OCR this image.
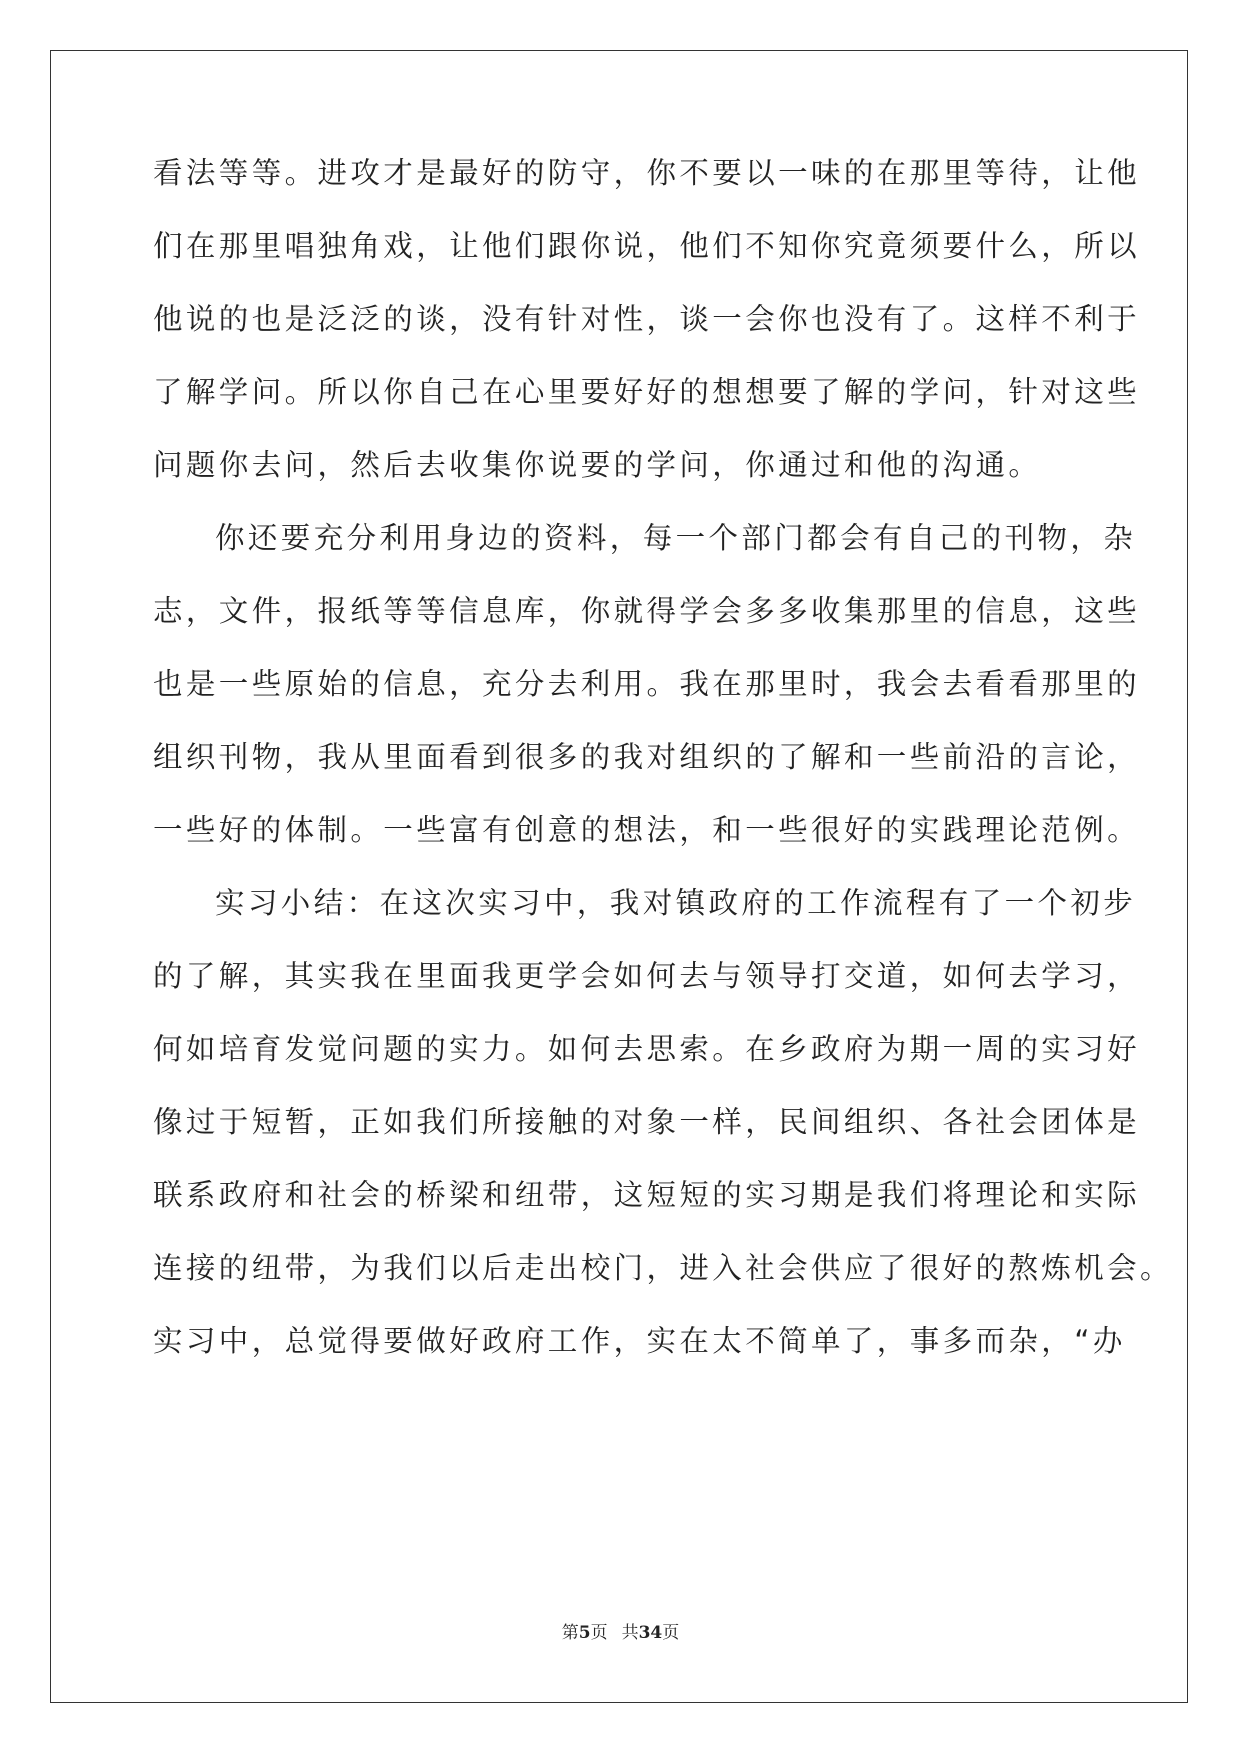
看法等等。进攻才是最好的防守，你不要以一味的在那里等待，让他
们在那里唱独角戏，让他们跟你说，他们不知你究竟须要什么，所以
他说的也是泛泛的谈，没有针对性，谈一会你也没有了。这样不利于
了解学问。所以你自己在心里要好好的想想要了解的学问，针对这些
问题你去问，然后去收集你说要的学问，你通过和他的沟通。
你还要充分利用身边的资料，每一个部门都会有自己的刊物，杂
志，文件，报纸等等信息库，你就得学会多多收集那里的信息，这些
也是一些原始的信息，充分去利用。我在那里时，我会去看看那里的
组织刊物，我从里面看到很多的我对组织的了解和一些前沿的言论，
一些好的体制。一些富有创意的想法，和一些很好的实践理论范例。
实习小结：在这次实习中，我对镇政府的工作流程有了一个初步
的了解，其实我在里面我更学会如何去与领导打交道，如何去学习，
何如培育发觉问题的实力。如何去思索。在乡政府为期一周的实习好
像过于短暂，正如我们所接触的对象一样，民间组织、各社会团体是
联系政府和社会的桥梁和纽带，这短短的实习期是我们将理论和实际
连接的纽带，为我们以后走出校门，进入社会供应了很好的熬炼机会。
实习中，总觉得要做好政府工作，实在太不简单了，事多而杂，“办
第5页 共34页
